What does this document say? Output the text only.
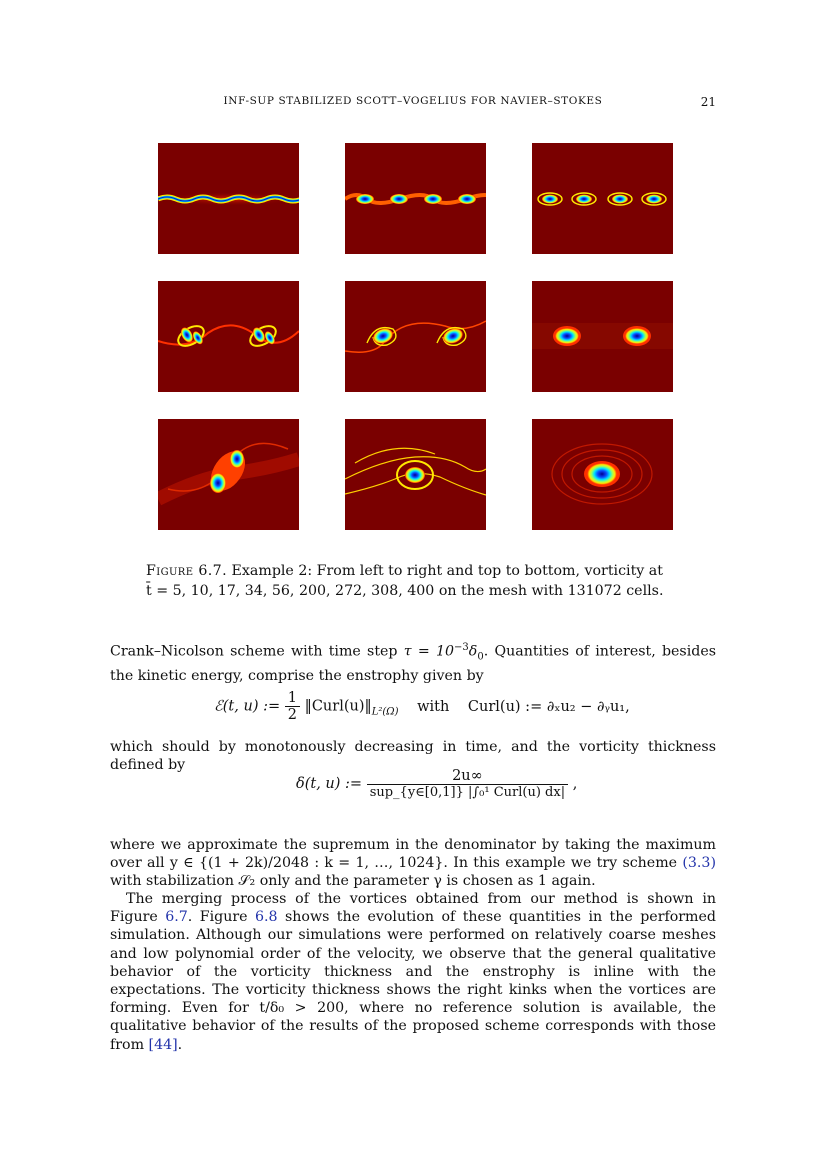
INF-SUP STABILIZED SCOTT–VOGELIUS FOR NAVIER–STOKES	21
Figure 6.7. Example 2: From left to right and top to bottom, vorticity at
t̄ = 5, 10, 17, 34, 56, 200, 272, 308, 400 on the mesh with 131072 cells.

Crank–Nicolson scheme with time step $\tau = 10^{-3}\delta_0$. Quantities of interest, besides the kinetic energy, comprise the enstrophy given by

ℰ(t, u) := $\frac{1}{2}$ $‖Curl(u)‖_{L^2(\Omega)}$ with Curl(u) := ∂ₓu₂ − ∂ᵧu₁,

which should by monotonously decreasing in time, and the vorticity thickness defined by

δ(t, u) := $\frac{2u\infty}{\text{sup\_\{y∈[0,1]\} |∫₀¹ Curl(u) dx|}}$ ,

where we approximate the supremum in the denominator by taking the maximum over all y ∈ {(1 + 2k)/2048 : k = 1, …, 1024}. In this example we try scheme (3.3) with stabilization 𝒮₂ only and the parameter γ is chosen as 1 again.

The merging process of the vortices obtained from our method is shown in Figure 6.7. Figure 6.8 shows the evolution of these quantities in the performed simulation. Although our simulations were performed on relatively coarse meshes and low polynomial order of the velocity, we observe that the general qualitative behavior of the vorticity thickness and the enstrophy is inline with the expectations. The vorticity thickness shows the right kinks when the vortices are forming. Even for t/δ₀ > 200, where no reference solution is available, the qualitative behavior of the results of the proposed scheme corresponds with those from [44].
